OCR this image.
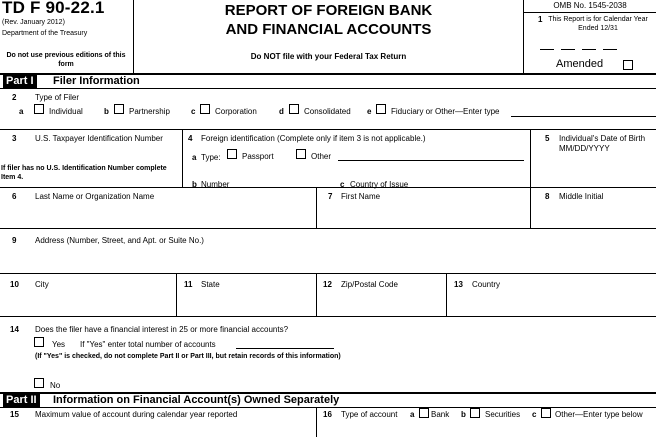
TD F 90-22.1
(Rev. January 2012)
Department of the Treasury
Do not use previous editions of this form
REPORT OF FOREIGN BANK
AND FINANCIAL ACCOUNTS
Do NOT file with your Federal Tax Return
OMB No. 1545-2038
1 This Report is for Calendar Year Ended 12/31
Amended
Part I Filer Information
2 Type of Filer
a	Individual	b	Partnership	c Corporation	d	Consolidated e Fiduciary or Other—Enter type
3 U.S. Taxpayer Identification Number
If filer has no U.S. Identification Number complete Item 4.
4 Foreign identification (Complete only if item 3 is not applicable.)
a Type:	Passport	Other
b Number	c Country of Issue
5 Individual's Date of Birth MM/DD/YYYY
6 Last Name or Organization Name	7 First Name	8 Middle Initial
9 Address (Number, Street, and Apt. or Suite No.)
10 City	11 State	12 Zip/Postal Code	13 Country
14 Does the filer have a financial interest in 25 or more financial accounts?
Yes If "Yes" enter total number of accounts
(If "Yes" is checked, do not complete Part II or Part III, but retain records of this information)
No
Part II Information on Financial Account(s) Owned Separately
15 Maximum value of account during calendar year reported	16 Type of account a Bank b Securities c Other—Enter type below
